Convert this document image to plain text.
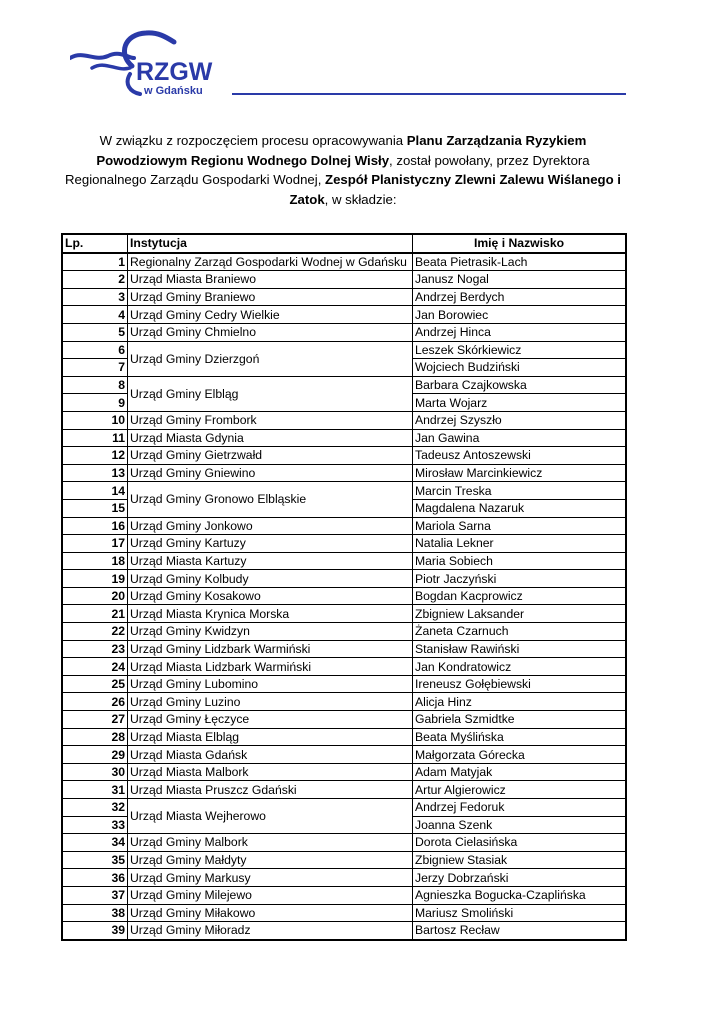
RZGW
w Gdańsku
W związku z rozpoczęciem procesu opracowywania Planu Zarządzania Ryzykiem Powodziowym Regionu Wodnego Dolnej Wisły, został powołany, przez Dyrektora Regionalnego Zarządu Gospodarki Wodnej, Zespół Planistyczny Zlewni Zalewu Wiślanego i Zatok, w składzie:
Lp.	Instytucja	Imię i Nazwisko
1	Regionalny Zarząd Gospodarki Wodnej w Gdańsku	Beata Pietrasik-Lach
2	Urząd Miasta Braniewo	Janusz Nogal
3	Urząd Gminy Braniewo	Andrzej Berdych
4	Urząd Gminy Cedry Wielkie	Jan Borowiec
5	Urząd Gminy Chmielno	Andrzej Hinca
6	Urząd Gminy Dzierzgoń	Leszek Skórkiewicz
7		Wojciech Budziński
8	Urząd Gminy Elbląg	Barbara Czajkowska
9		Marta Wojarz
10	Urząd Gminy Frombork	Andrzej Szyszło
11	Urząd Miasta Gdynia	Jan Gawina
12	Urząd Gminy Gietrzwałd	Tadeusz Antoszewski
13	Urząd Gminy Gniewino	Mirosław Marcinkiewicz
14	Urząd Gminy Gronowo Elbląskie	Marcin Treska
15		Magdalena Nazaruk
16	Urząd Gminy Jonkowo	Mariola Sarna
17	Urząd Gminy Kartuzy	Natalia Lekner
18	Urząd Miasta Kartuzy	Maria Sobiech
19	Urząd Gminy Kolbudy	Piotr Jaczyński
20	Urząd Gminy Kosakowo	Bogdan Kacprowicz
21	Urząd Miasta Krynica Morska	Zbigniew Laksander
22	Urząd Gminy Kwidzyn	Żaneta Czarnuch
23	Urząd Gminy Lidzbark Warmiński	Stanisław Rawiński
24	Urząd Miasta Lidzbark Warmiński	Jan Kondratowicz
25	Urząd Gminy Lubomino	Ireneusz Gołębiewski
26	Urząd Gminy Luzino	Alicja Hinz
27	Urząd Gminy Łęczyce	Gabriela Szmidtke
28	Urząd Miasta Elbląg	Beata Myślińska
29	Urząd Miasta Gdańsk	Małgorzata Górecka
30	Urząd Miasta Malbork	Adam Matyjak
31	Urząd Miasta Pruszcz Gdański	Artur Algierowicz
32	Urząd Miasta Wejherowo	Andrzej Fedoruk
33		Joanna Szenk
34	Urząd Gminy Malbork	Dorota Cielasińska
35	Urząd Gminy Małdyty	Zbigniew Stasiak
36	Urząd Gminy Markusy	Jerzy Dobrzański
37	Urząd Gminy Milejewo	Agnieszka Bogucka-Czaplińska
38	Urząd Gminy Miłakowo	Mariusz Smoliński
39	Urząd Gminy Miłoradz	Bartosz Recław
